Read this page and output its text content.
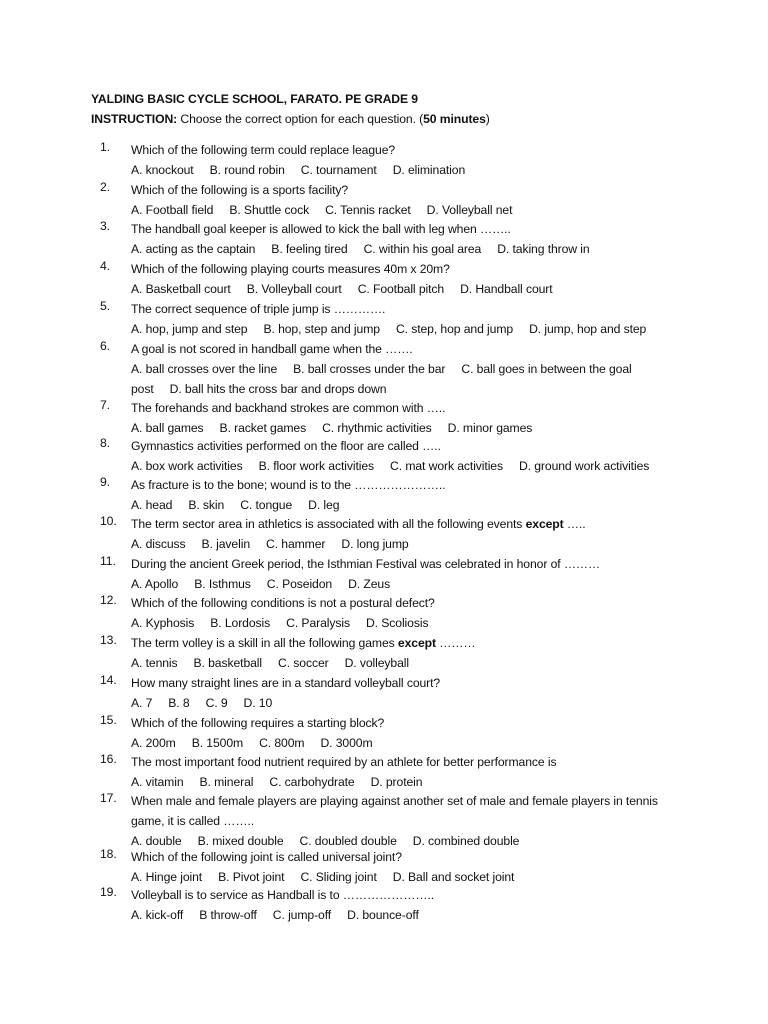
YALDING BASIC CYCLE SCHOOL, FARATO. PE GRADE 9
INSTRUCTION: Choose the correct option for each question. (50 minutes)
1.	Which of the following term could replace league?
A. knockout B. round robin C. tournament D. elimination
2.	Which of the following is a sports facility?
A. Football field B. Shuttle cock C. Tennis racket D. Volleyball net
3.	The handball goal keeper is allowed to kick the ball with leg when ……..
A. acting as the captain B. feeling tired C. within his goal area D. taking throw in
4.	Which of the following playing courts measures 40m x 20m?
A. Basketball court B. Volleyball court C. Football pitch D. Handball court
5.	The correct sequence of triple jump is ………….
A. hop, jump and step B. hop, step and jump C. step, hop and jump D. jump, hop and step
6.	A goal is not scored in handball game when the …….
A. ball crosses over the line B. ball crosses under the bar C. ball goes in between the goal post D. ball hits the cross bar and drops down
7.	The forehands and backhand strokes are common with …..
A. ball games B. racket games C. rhythmic activities D. minor games
8.	Gymnastics activities performed on the floor are called …..
A. box work activities B. floor work activities C. mat work activities D. ground work activities
9.	As fracture is to the bone; wound is to the …………………..
A. head B. skin C. tongue D. leg
10.	The term sector area in athletics is associated with all the following events except …..
A. discuss B. javelin C. hammer D. long jump
11.	During the ancient Greek period, the Isthmian Festival was celebrated in honor of ………
A. Apollo B. Isthmus C. Poseidon D. Zeus
12.	Which of the following conditions is not a postural defect?
A. Kyphosis B. Lordosis C. Paralysis D. Scoliosis
13.	The term volley is a skill in all the following games except ………
A. tennis B. basketball C. soccer D. volleyball
14.	How many straight lines are in a standard volleyball court?
A. 7 B. 8 C. 9 D. 10
15.	Which of the following requires a starting block?
A. 200m B. 1500m C. 800m D. 3000m
16.	The most important food nutrient required by an athlete for better performance is
A. vitamin B. mineral C. carbohydrate D. protein
17.	When male and female players are playing against another set of male and female players in tennis game, it is called ……..
A. double B. mixed double C. doubled double D. combined double
18.	Which of the following joint is called universal joint?
A. Hinge joint B. Pivot joint C. Sliding joint D. Ball and socket joint
19.	Volleyball is to service as Handball is to …………………..
A. kick-off B throw-off C. jump-off D. bounce-off
